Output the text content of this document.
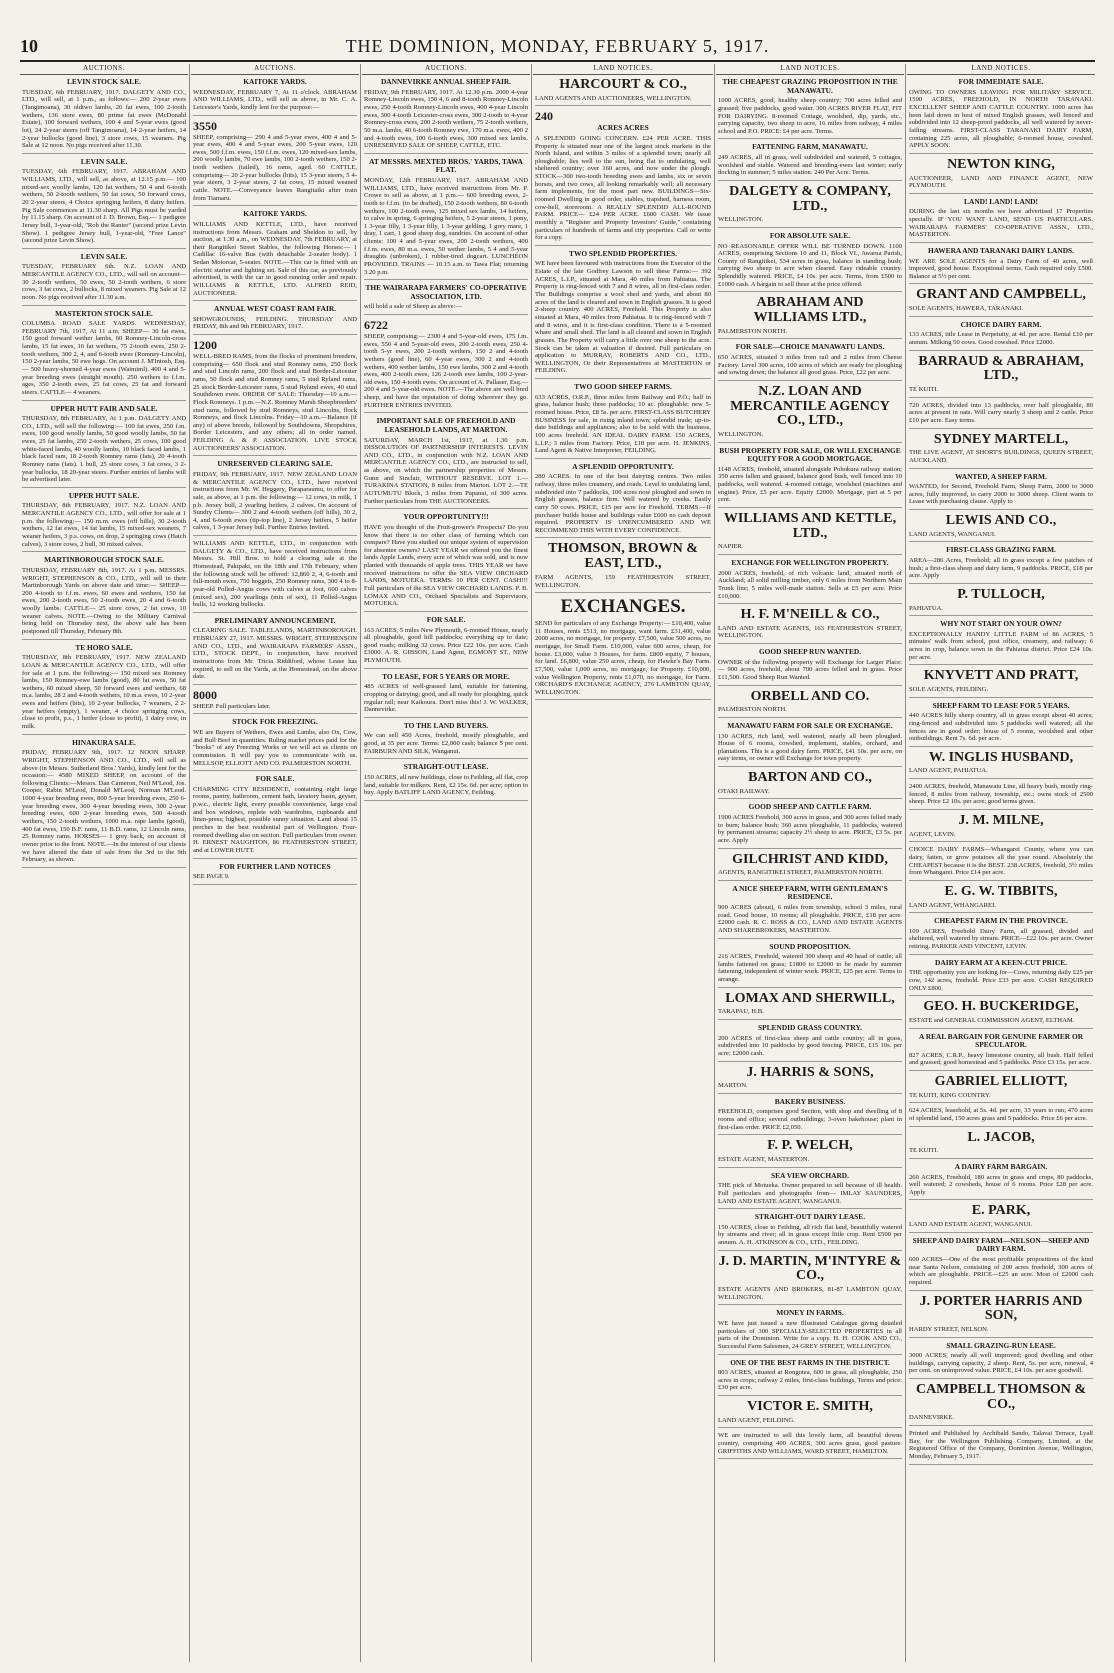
10	THE DOMINION, MONDAY, FEBRUARY 5, 1917.
AUCTIONS.
LEVIN STOCK SALE.

TUESDAY, 6th FEBRUARY, 1917. DALGETY AND CO., LTD., will sell, at 1 p.m., as follows:— 200 2-year ewes (Tangimoana), 30 oldtwo lambs, 26 fat ewes, 100 2-tooth wethers, 136 store ewes, 80 prime fat ewes (McDonald Estate), 100 forward wethers, 100 4 and 5-year ewes (good lot), 24 2-year steers (off Tangimoana), 14 2-year heifers, 14 2-year bullocks (good line), 3 store cows, 15 weaners. Pig Sale at 12 noon. No pigs received after 11.30.

LEVIN SALE.

TUESDAY, 6th FEBRUARY, 1917. ABRAHAM AND WILLIAMS, LTD., will sell, as above, at 12.15 p.m.— 100 mixed-sex woolly lambs, 120 fat wethers, 50 4 and 6-tooth wethers, 50 2-tooth wethers, 50 fat cows, 50 forward cows, 20 2-year steers, 4 Choice springing heifers, 8 dairy heifers. Pig Sale commences at 11.30 sharp. All Pigs must be yarded by 11.15 sharp. On account of J. D. Brown, Esq.— 1 pedigree Jersey bull, 3-year-old, "Rob the Ranter" (second prize Levin Show). 1 pedigree Jersey bull, 1-year-old, "Free Lance" (second prize Levin Show).

LEVIN SALE.

TUESDAY, FEBRUARY 6th. N.Z. LOAN AND MERCANTILE AGENCY CO., LTD., will sell on account— 30 2-tooth wethers, 50 ewes, 50 2-tooth wethers, 6 store cows, 3 fat cows, 2 bullocks, 8 mixed weaners. Pig Sale at 12 noon. No pigs received after 11.30 a.m.

MASTERTON STOCK SALE.

COLUMBA ROAD SALE YARDS. WEDNESDAY, FEBRUARY 7th, 1917, At 11 a.m. SHEEP— 30 fat ewes, 150 good forward wether lambs, 60 Romney-Lincoln-cross lambs, 15 fat ewes, 16 fat wethers, 75 2-tooth ewes, 250 2-tooth wethers, 300 2, 4, and 6-tooth ewes (Romney-Lincoln), 150 2-year lambs, 50 ewe hogs. On account J. M'Intosh, Esq.— 500 heavy-shorned 4-year ewes (Waimiml). 400 4 and 5-year breeding ewes (straight mouth). 250 wethers to f.f.m. ages, 350 2-tooth ewes, 25 fat cows, 25 fat and forward steers. CATTLE— 4 weaners.

UPPER HUTT FAIR AND SALE.

THURSDAY, 8th FEBRUARY, At 1 p.m. DALGETY AND CO., LTD., will sell the following:— 100 fat ewes, 250 f.m. ewes, 100 good woolly lambs, 50 good woolly lambs, 50 fat ewes, 25 fat lambs, 250 2-tooth wethers, 25 cows, 100 good white-faced lambs, 40 woolly lambs, 10 black faced lambs, 1 black faced ram, 18 2-tooth Romney rams (fats), 20 4-tooth Romney rams (fats). 1 bull, 25 store cows, 3 fat cows, 3 2-year bullocks, 18 20-year steers. Further entries of lambs will be advertised later.

UPPER HUTT SALE.

THURSDAY, 8th FEBRUARY, 1917. N.Z. LOAN AND MERCANTILE AGENCY CO., LTD., will offer for sale at 1 p.m. the following:— 150 m.m. ewes (off hills), 30 2-tooth wethers, 12 fat ewes, 14 fat lambs, 15 mixed-sex weaners, 7 weaner heifers, 3 p.s. cows, on drop, 2 springing cows (Hatch calves), 3 store cows, 2 bull, 30 mixed calves.

MARTINBOROUGH STOCK SALE.

THURSDAY, FEBRUARY 8th, 1917. At 1 p.m. MESSRS. WRIGHT, STEPHENSON & CO., LTD., will sell in their Martinborough Yards on above date and time:— SHEEP— 200 4-tooth to f.f.m. ewes, 60 ewes and wethers, 150 fat ewes, 200 2-tooth ewes, 50 2-tooth ewes, 20 4 and 6-tooth woolly lambs. CATTLE— 25 store cows, 2 fat cows, 10 weaner calves. NOTE.—Owing to the Military Carnival being held on Thursday next, the above sale has been postponed till Thursday, February 8th.

TE HORO SALE.

THURSDAY, 8th FEBRUARY, 1917. NEW ZEALAND LOAN & MERCANTILE AGENCY CO., LTD., will offer for sale at 1 p.m. the following:— 150 mixed sex Romney lambs, 150 Romney-ewe lambs (good), 80 fat ewes, 50 fat wethers, 60 mixed sheep, 50 forward ewes and wethers, 68 m.a. lambs, 28 2 and 4-tooth wethers, 10 m.a. ewes, 10 2-year ewes and heifers (bits), 10 2-year bullocks, 7 weaners, 2 2-year heifers (empty), 1 weaner, 4 choice springing cows, close to profit, p.s., 1 heifer (close to profit), 1 dairy cow, in milk.

HINAKURA SALE.

FRIDAY, FEBRUARY 9th, 1917. 12 NOON SHARP. WRIGHT, STEPHENSON AND CO., LTD., will sell as above (in Messrs. Sutherland Bros.' Yards), kindly lent for the occasion:— 4580 MIXED SHEEP, on account of the following Clients:—Messrs. Dan Cameron, Neil M'Leod, Jos. Cooper, Rabin M'Leod, Donald M'Leod, Norman M'Leod. 1000 4-year breeding ewes, 800 5-year breeding ewes, 250 6-year breeding ewes, 300 4-year breeding ewes, 300 2-year breeding ewes, 600 2-year breeding ewes, 500 4-tooth wethers, 150 2-tooth wethers, 1000 m.a. rape lambs (good), 400 fat ewes, 150 B.F. rams, 11 B.D. rams, 12 Lincoln rams, 25 Romney rams. HORSES— 1 grey back, on account of owner prior to the front. NOTE.—In the interest of our clients we have altered the date of sale from the 3rd to the 9th February, as shown.

AUCTIONS.
KAITOKE YARDS.

WEDNESDAY, FEBRUARY 7, At 11 o'clock. ABRAHAM AND WILLIAMS, LTD., will sell as above, in Mr. C. A. Leicester's Yards, kindly lent for the purpose:—

3550

SHEEP, comprising— 290 4 and 5-year ewes, 400 4 and 5-year ewes, 400 4 and 5-year ewes, 200 5-year ewes, 120 ewes, 500 f.f.m. ewes, 150 f.f.m. ewes, 120 mixed-sex lambs, 200 woolly lambs, 70 ewe lambs, 100 2-tooth wethers, 150 2-tooth wethers (tailed), 16 rams, aged. 60 CATTLE, comprising— 20 2-year bullocks (bits), 15 3-year steers, 5 4-year steers, 3 2-year steers, 2 fat cows, 15 mixed weaned cattle. NOTE.—Conveyance leaves Rangitaiki after train from Tiamaru.

KAITOKE YARDS.

WILLIAMS AND KETTLE, LTD., have received instructions from Messrs. Graham and Sheldon to sell, by auction, at 1.30 a.m., on WEDNESDAY, 7th FEBRUARY, at their Rangitikei Street Stables, the following Horses:— 1 Cadillac 16-valve Bus (with detachable 2-seater body). 1 Sedan Motorcar, 5-seater. NOTE.—This car is fitted with an electric starter and lighting set. Sale of this car, as previously advertised, is with the car in good running order and repair. WILLIAMS & KETTLE, LTD. ALFRED REID, AUCTIONEER.

ANNUAL WEST COAST RAM FAIR.

SHOWGROUNDS, FEILDING. THURSDAY AND FRIDAY, 8th and 9th FEBRUARY, 1917.

1200

WELL-BRED RAMS, from the flocks of prominent breeders, comprising— 650 flock and stud Romney rams, 250 flock and stud Lincoln rams, 200 flock and stud Border-Leicester rams, 50 flock and stud Romney rams, 5 stud Ryland rams, 25 stock Border-Leicester rams, 5 stud Ryland ewes, 40 stud Southdown ewes. ORDER OF SALE: Thursday—10 a.m.—Flock Romneys. 1 p.m.—N.Z. Romney Marsh Sheepbreeders' stud rams, followed by stud Romneys, stud Lincolns, flock Romneys, and flock Lincolns. Friday—10 a.m.—Balance (if any) of above breeds, followed by Southdowns, Shropshires, Border Leicesters, and any others; all in order named. FEILDING A. & P. ASSOCIATION. LIVE STOCK AUCTIONEERS' ASSOCIATION.

UNRESERVED CLEARING SALE.

FRIDAY, 9th FEBRUARY, 1917. NEW ZEALAND LOAN & MERCANTILE AGENCY CO., LTD., have received instructions from Mr. W. Heggery, Paraparaumu, to offer for sale, as above, at 1 p.m. the following:— 12 cows, in milk, 1 p.b. Jersey bull, 2 yearling heifers, 2 calves. On account of Sundry Clients— 300 2 and 4-tooth wethers (off hills), 30 2, 4, and 6-tooth ewes (tip-top line), 2 Jersey heifers, 5 heifer calves, 1 3-year Jersey bull. Further Entries Invited.

WILLIAMS AND KETTLE, LTD., in conjunction with DALGETY & CO., LTD., have received instructions from Messrs. St. Hill Bros. to hold a clearing sale at the Homestead, Pakipaki, on the 18th and 17th February, when the following stock will be offered: 12,860 2, 4, 6-tooth and full-mouth ewes, 750 hoggets, 250 Romney rams, 300 4 to 8-year-old Polled-Angus cows with calves at foot, 600 calves (mixed sex), 200 yearlings (mix of sex), 11 Polled-Angus bulls, 12 working bullocks.

PRELIMINARY ANNOUNCEMENT.

CLEARING SALE. TABLELANDS, MARTINBOROUGH. FEBRUARY 27, 1917. MESSRS. WRIGHT, STEPHENSON AND CO., LTD., and WAIRARAPA FARMERS' ASSN., LTD., STOCK DEPT., in conjunction, have received instructions from Mr. Tricia Riddiford, whose Lease has expired, to sell on the Yards, at the Homestead, on the above date.

8000

SHEEP. Full particulars later.

STOCK FOR FREEZING.

WE are Buyers of Wethers, Ewes and Lambs, also Ox, Cow, and Bull Beef in quantities. Ruling market prices paid for the "books" of any Freezing Works or we will act as clients on commission. It will pay you to communicate with us. MELLSOP, ELLIOTT AND CO. PALMERSTON NORTH.

FOR SALE.

CHARMING CITY RESIDENCE, containing eight large rooms, pantry, bathroom, cement bath, lavatory basin, geyser, p.w.c., electric light, every possible convenience, large coal and box windows, replete with wardrobes, cupboards and linen-press; highest, possible sunny situation. Land about 15 perches in the best residential part of Wellington. Four-roomed dwelling also on section. Full particulars from owner. H. ERNEST NAUGHTON, 86 FEATHERSTON STREET, and at LOWER HUTT.

FOR FURTHER LAND NOTICES

SEE PAGE 9.

AUCTIONS.
DANNEVIRKE ANNUAL SHEEP FAIR.

FRIDAY, 9th FEBRUARY, 1917. At 12.30 p.m. 2000 4-year Romney-Lincoln ewes, 150 4, 6 and 8-tooth Romney-Lincoln ewes, 250 4-tooth Romney-Lincoln ewes, 400 4-year Lincoln ewes, 300 4-tooth Leicester-cross ewes, 300 2-tooth to 4-year Romney-cross ewes, 200 2-tooth wethers, 75 2-tooth wethers, 50 m.a. lambs, 40 6-tooth Romney ewe, 170 m.a. ewes, 400 2 and 4-tooth ewes, 100 6-tooth ewes, 300 mixed sex lambs. UNRESERVED SALE OF SHEEP, CATTLE, ETC.

AT MESSRS. MEXTED BROS.' YARDS, TAWA FLAT.

MONDAY, 12th FEBRUARY, 1917. ABRAHAM AND WILLIAMS, LTD., have received instructions from Mr. P. Crowe to sell as above, at 1 p.m.— 600 breeding ewes, 2-tooth to f.f.m. (to be drafted), 150 2-tooth wethers, 80 6-tooth wethers, 100 2-tooth ewes, 125 mixed sex lambs, 14 heifers, to calve in spring, 6 springing heifers, 5 2-year steers, 1 pony, 1 3-year filly, 1 3-year filly, 1 3-year gelding, 1 grey mare, 1 dray, 1 cart, 1 good sheep dog, sundries. On account of other clients: 100 4 and 5-year ewes, 200 2-tooth wethers, 400 f.f.m. ewes, 80 m.a. ewes, 50 wether lambs, 5 4 and 5-year draughts (unbroken), 1 rubber-tired dogcart. LUNCHEON PROVIDED. TRAINS — 10.15 a.m. to Tawa Flat; returning 3.20 p.m.

THE WAIRARAPA FARMERS' CO-OPERATIVE ASSOCIATION, LTD.

will hold a sale of Sheep as above:—

6722

SHEEP, comprising:— 2300 4 and 5-year-old ewes, 175 f.m. ewes, 550 4 and 5-year-old ewes, 200 2-tooth ewes, 250 4-tooth 5-yr ewes, 200 2-tooth wethers, 150 2 and 4-tooth wethers (good line), 60 4-year ewes, 300 2 and 4-tooth wethers, 400 wether lambs, 150 ewe lambs, 300 2 and 4-tooth ewes, 400 2-tooth ewes, 126 2-tooth ewe lambs, 100 2-year-old ewes, 150 4-tooth ewes. On account of A. Pallaser, Esq.— 200 4 and 5-year-old ewes. NOTE.—The above are well bred sheep, and have the reputation of doing wherever they go. FURTHER ENTRIES INVITED.

IMPORTANT SALE OF FREEHOLD AND LEASEHOLD LANDS, AT MARTON.

SATURDAY, MARCH 1st, 1917, at 1.30 p.m. DISSOLUTION OF PARTNERSHIP INTERESTS. LEVIN AND CO., LTD., in conjunction with N.Z. LOAN AND MERCANTILE AGENCY CO., LTD., are instructed to sell, as above, on which the partnership properties of Messrs. Gunn and Sinclair, WITHOUT RESERVE. LOT 1.—TURAKINA STATION, 8 miles from Marton. LOT 2.—TE AUTUMUTU Block, 3 miles from Papanui, of 300 acres. Further particulars from THE AUCTIONEERS.

YOUR OPPORTUNITY!!!

HAVE you thought of the Fruit-grower's Prospects? Do you know that there is no other class of farming which can compare? Have you studied our unique system of supervision for absentee owners? LAST YEAR we offered you the finest lands Apple Lands, every acre of which was sold, and is now planted with thousands of apple trees. THIS YEAR we have received instructions to offer the SEA VIEW ORCHARD LANDS, MOTUEKA. TERMS: 10 PER CENT. CASH!!! Full particulars of the SEA VIEW ORCHARD LANDS. P. B. LOMAX AND CO., Orchard Specialists and Supervisors, MOTUEKA.

FOR SALE.

163 ACRES, 5 miles New Plymouth, 6-roomed House, nearly all ploughable, good hill paddocks; everything up to date; good roads; milking 32 cows. Price £22 10s. per acre. Cash £3000. A. R. GIBSON, Land Agent, EGMONT ST., NEW PLYMOUTH.

TO LEASE, FOR 5 YEARS OR MORE.

485 ACRES of well-grassed land, suitable for fattening, cropping or dairying; good, and all ready for ploughing, quick regular rail; near Kaikoura. Don't miss this! J. W. WALKER, Dannevirke.

TO THE LAND BUYERS.

We can sell 450 Acres, freehold, mostly ploughable, and good, at 35 per acre. Terms: £2,000 cash; balance 5 per cent. FAIRBURN AND SILK, Wanganui.

STRAIGHT-OUT LEASE.

150 ACRES, all new buildings, close to Feilding, all flat, crop land, suitable for milkers. Rent, £2 15s. 6d. per acre; option to buy. Apply BATLIFF LAND AGENCY, Feilding.

LAND NOTICES.
HARCOURT & CO.,

LAND AGENTS AND AUCTIONEERS, WELLINGTON.

240
ACRES ACRES

A SPLENDID GOING CONCERN. £24 PER ACRE. THIS Property is situated near one of the largest stock markets in the North Island, and within 3 miles of a splendid town; nearly all ploughable; lies well to the sun, being flat to undulating, well sheltered country; over 160 acres, and now under the plough. STOCK—300 two-tooth breeding ewes and lambs, six or seven horses, and two cows, all looking remarkably well; all necessary farm implements, for the most part new. BUILDINGS—Six-roomed Dwelling in good order, stables, trapshed, harness room, cow-hell, storeroom. A REALLY SPLENDID ALL-ROUND FARM. PRICE— £24 PER ACRE. £600 CASH. We issue monthly a "Register and Property Investors' Guide," containing particulars of hundreds of farms and city properties. Call or write for a copy.

TWO SPLENDID PROPERTIES.

WE have been favoured with instructions from the Executor of the Estate of the late Godfrey Lawson to sell these Farms:— 392 ACRES, L.I.P., situated at Mara, 40 miles from Pahiatua. The Property is ring-fenced with 7 and 8 wires, all in first-class order. The Buildings comprise a wool shed and yards, and about 80 acres of the land is cleared and sown in English grasses. It is good 2-sheep country. 400 ACRES, Freehold. This Property is also situated at Mara, 40 miles from Pahiatua. It is ring-fenced with 7 and 8 wires, and it is first-class condition. There is a 5-roomed whare and small shed. The land is all cleared and sown in English grasses. The Property will carry a little over one sheep to the acre. Stock can be taken at valuation if desired. Full particulars on application to MURRAY, ROBERTS AND CO., LTD., WELLINGTON, Or their Representatives at MASTERTON or FEILDING.

TWO GOOD SHEEP FARMS.

633 ACRES, O.R.P., three miles from Railway and P.O.; half in grass, balance bush; three paddocks; 10 ac. ploughable; new 5-roomed house. Price, £8 5s. per acre. FIRST-CLASS BUTCHERY BUSINESS for sale, in rising inland town; splendid trade; up-to-date buildings and appliances; also to be sold with the business, 100 acres freehold. AN IDEAL DAIRY FARM. 150 ACRES, L.I.P.; 3 miles from Factory. Price, £18 per acre. H. JENKINS, Land Agent & Native Interpreter, FEILDING.

A SPLENDID OPPORTUNITY.

280 ACRES. In one of the best dairying centres. Two miles railway, three miles creamery, and roads. Level to undulating land, subdivided into 7 paddocks, 100 acres now ploughed and sown in English grasses, balance firm. Well watered by creeks. Easily carry 50 cows. PRICE, £15 per acre for Freehold. TERMS.—If purchaser builds house and buildings value £600 no cash deposit required. PROPERTY IS UNENCUMBERED AND WE RECOMMEND THIS WITH EVERY CONFIDENCE.

THOMSON, BROWN & EAST, LTD.,

FARM AGENTS, 159 FEATHERSTON STREET, WELLINGTON.

EXCHANGES.

SEND for particulars of any Exchange Property:— £10,400, value 11 Houses, rents £513, no mortgage, want farm. £31,400, value 2000 acres, no mortgage, for property. £7,500, value 500 acres, no mortgage, for Small Farm. £10,000, value 600 acres, cheap, for house. £3,000, value 3 Houses, for farm. £800 equity, 7 houses, for land. £6,800, value 250 acres, cheap, for Hawke's Bay Farm. £7,500, value 1,000 acres, no mortgage, for Property. £10,000, value Wellington Property, rents £1,070, no mortgage, for Farm. ORCHARD'S EXCHANGE AGENCY, 276 LAMBTON QUAY, WELLINGTON.

LAND NOTICES.
THE CHEAPEST GRAZING PROPOSITION IN THE MANAWATU.

1000 ACRES, good, healthy sheep country; 700 acres felled and grassed; five paddocks, good water. 300 ACRES RIVER FLAT, FIT FOR DAIRYING. 8-roomed Cottage, woolshed, dip, yards, etc., carrying capacity, two sheep to acre, 16 miles from railway, 4 miles school and P.O. PRICE: £4 per acre. Terms.

FATTENING FARM, MANAWATU.

249 ACRES, all in grass, well subdivided and watered, 5 cottages, woolshed and stable. Watered and breeding-ewes last winter; early docking in summer; 5 miles station. 240 Per Acre. Terms.

DALGETY & COMPANY, LTD.,

WELLINGTON.

FOR ABSOLUTE SALE.

NO REASONABLE OFFER WILL BE TURNED DOWN. 1100 ACRES, comprising Sections 10 and 11, Block VI., Awarua Parish, County of Rangitikei, 534 acres in grass, balance in standing bush; carrying two sheep to acre when cleared. Easy rideable country. Splendidly watered. PRICE, £4 10s. per acre. Terms, from £500 to £1000 cash. A bargain to sell these at the price offered.

ABRAHAM AND WILLIAMS LTD.,

PALMERSTON NORTH.

FOR SALE—CHOICE MANAWATU LANDS.

650 ACRES, situated 3 miles from rail and 2 miles from Cheese Factory. Level 300 acres, 100 acres of which are ready for ploughing and sowing down; the balance all good grass. Price, £22 per acre.

N.Z. LOAN AND MERCANTILE AGENCY CO., LTD.,

WELLINGTON.

BUSH PROPERTY FOR SALE, OR WILL EXCHANGE EQUITY FOR A GOOD MORTGAGE.

1148 ACRES, freehold, situated alongside Pohokura railway station; 350 acres fallen and grassed, balance good bush, well fenced into 10 paddocks, well watered. 4-roomed cottage, woolshed (machines and engine). Price, £5 per acre. Equity £2000. Mortgage, part at 5 per cent.

WILLIAMS AND KETTLE, LTD.,

NAPIER.

EXCHANGE FOR WELLINGTON PROPERTY.

2000 ACRES, freehold, of rich volcanic land, situated north of Auckland; all solid milling timber, only 6 miles from Northern Main Trunk line; 5 miles well-made station. Sells at £5 per acre. Price £10,000.

H. F. M'NEILL & CO.,

LAND AND ESTATE AGENTS, 163 FEATHERSTON STREET, WELLINGTON.

GOOD SHEEP RUN WANTED.

OWNER of the following property will Exchange for Larger Place:— 900 acres, freehold, about 700 acres felled and in grass. Price £11,500. Good Sheep Run Wanted.

ORBELL AND CO.

PALMERSTON NORTH.

MANAWATU FARM FOR SALE OR EXCHANGE.

130 ACRES, rich land, well watered, nearly all been ploughed. House of 6 rooms, cowshed, implement, stables, orchard, and plantations. This is a good dairy farm. PRICE, £41 10s. per acre, on easy terms, or owner will Exchange for town property.

BARTON AND CO.,

OTAKI RAILWAY.

GOOD SHEEP AND CATTLE FARM.

1900 ACRES Freehold, 300 acres in grass, and 300 acres felled ready to burn; balance bush; 360 acres ploughable, 11 paddocks, watered by permanent streams; capacity 2½ sheep to acre. PRICE, £3 5s. per acre. Apply

GILCHRIST AND KIDD,

AGENTS, RANGITIKEI STREET, PALMERSTON NORTH.

A NICE SHEEP FARM, WITH GENTLEMAN'S RESIDENCE.

900 ACRES (about), 6 miles from township, school 3 miles, rural road. Good house, 10 rooms; all ploughable. PRICE, £18 per acre. £2000 cash. R. C. ROSS & CO., LAND AND ESTATE AGENTS AND SHAREBROKERS, MASTERTON.

SOUND PROPOSITION.

216 ACRES, Freehold, watered 300 sheep and 40 head of cattle; all lambs fattened on grass; £1800 to £2000 to be made by summer fattening, independent of winter work. PRICE, £25 per acre. Terms to arrange.

LOMAX AND SHERWILL,

TARAPAU, H.B.

SPLENDID GRASS COUNTRY.

200 ACRES of first-class sheep and cattle country; all in grass, subdivided into 10 paddocks by good fencing. PRICE, £15 10s. per acre; £2000 cash.

J. HARRIS & SONS,

MARTON.

BAKERY BUSINESS.

FREEHOLD, comprises good Section, with shop and dwelling of 8 rooms and office; several outbuildings; 3-oven bakehouse; plant in first-class order. PRICE £2,050.

F. P. WELCH,

ESTATE AGENT, MASTERTON.

SEA VIEW ORCHARD.

THE pick of Motueka. Owner prepared to sell because of ill health. Full particulars and photographs from— IMLAY SAUNDERS, LAND AND ESTATE AGENT, WANGANUI.

STRAIGHT-OUT DAIRY LEASE.

150 ACRES, close to Feilding, all rich flat land, beautifully watered by streams and river; all in grass except little crop. Rent £500 per annum. A. H. ATKINSON & CO., LTD., FEILDING.

J. D. MARTIN, M'INTYRE & CO.,

ESTATE AGENTS AND BROKERS, 81-87 LAMBTON QUAY, WELLINGTON.

MONEY IN FARMS.

WE have just issued a new Illustrated Catalogue giving detailed particulars of 300 SPECIALLY-SELECTED PROPERTIES in all parts of the Dominion. Write for a copy. H. H. COOK AND CO., Successful Farm Salesmen, 24 GREY STREET, WELLINGTON.

ONE OF THE BEST FARMS IN THE DISTRICT.

803 ACRES, situated at Rongotea, 600 in grass, all ploughable, 250 acres in crops; railway 2 miles, first-class buildings. Terms and price: £30 per acre.

VICTOR E. SMITH,

LAND AGENT, FEILDING.

WE are instructed to sell this lovely farm, all beautiful downs country, comprising 400 ACRES, 300 acres grass, good pasture. GRIFFITHS AND WILLIAMS, WARD STREET, HAMILTON.

LAND NOTICES.
FOR IMMEDIATE SALE.

OWING TO OWNERS LEAVING FOR MILITARY SERVICE. 1590 ACRES, FREEHOLD, IN NORTH TARANAKI. EXCELLENT SHEEP AND CATTLE COUNTRY. 1000 acres has been laid down in best of mixed English grasses, well fenced and subdivided into 12 sheep-proof paddocks, all well watered by never-failing streams. FIRST-CLASS TARANAKI DAIRY FARM, containing 225 acres, all ploughable; 6-roomed house, cowshed. APPLY SOON.

NEWTON KING,

AUCTIONEER, LAND AND FINANCE AGENT, NEW PLYMOUTH.

LAND! LAND! LAND!

DURING the last six months we have advertised 17 Properties specially. IF YOU WANT LAND, SEND US PARTICULARS. WAIRARAPA FARMERS' CO-OPERATIVE ASSN., LTD., MASTERTON.

HAWERA AND TARANAKI DAIRY LANDS.

WE ARE SOLE AGENTS for a Dairy Farm of 40 acres, well improved, good house. Exceptional terms. Cash required only £500. Balance at 5½ per cent.

GRANT AND CAMPBELL,

SOLE AGENTS, HAWERA, TARANAKI.

CHOICE DAIRY FARM.

133 ACRES, title Lease in Perpetuity, at 4d. per acre. Rental £10 per annum. Milking 50 cows. Good cowshed. Price £2000.

BARRAUD & ABRAHAM, LTD.,

TE KUITI.

720 ACRES, divided into 13 paddocks, over half ploughable, 80 acres at present in oats. Will carry nearly 3 sheep and 2 cattle. Price £10 per acre. Easy terms.

SYDNEY MARTELL,

THE LIVE AGENT, AT SHORT'S BUILDINGS, QUEEN STREET, AUCKLAND.

WANTED, A SHEEP FARM.

WANTED, for Second, Freehold Farm, Sheep Farm, 2000 to 3000 acres, fully improved, to carry 2000 to 3000 sheep. Client wants to Lease with purchasing clause. Apply to

LEWIS AND CO.,

LAND AGENTS, WANGANUI.

FIRST-CLASS GRAZING FARM.

AREA—286 Acres, Freehold; all in grass except a few patches of bush; a first-class sheep and dairy farm, 9 paddocks. PRICE, £18 per acre. Apply

P. TULLOCH,

PAHIATUA.

WHY NOT START ON YOUR OWN?

EXCEPTIONALLY HANDY LITTLE FARM of 86 ACRES, 5 minutes' walk from school, post office, creamery, and railway; 6 acres in crop, balance sown in the Pahiatua district. Price £24 10s. per acre.

KNYVETT AND PRATT,

SOLE AGENTS, FEILDING.

SHEEP FARM TO LEASE FOR 5 YEARS.

440 ACRES hilly sheep country, all in grass except about 40 acres; ring-fenced and subdivided into 5 paddocks well watered; all the fences are in good order; house of 5 rooms, woolshed and other outbuildings. Rent 7s. 6d. per acre.

W. INGLIS HUSBAND,

LAND AGENT, PAHIATUA.

2400 ACRES, freehold, Manawatu Line, all heavy bush, mostly ring-fenced, 8 miles from railway, township, etc.; owns stock of 2500 sheep. Price £2 10s. per acre; good terms given.

J. M. MILNE,

AGENT, LEVIN.

CHOICE DAIRY FARMS—Whangarei County, where you can dairy, fatten, or grow potatoes all the year round. Absolutely the CHEAPEST because it is the BEST. 238 ACRES, freehold, 3½ miles from Whangarei. Price £14 per acre.

E. G. W. TIBBITS,

LAND AGENT, WHANGAREI.

CHEAPEST FARM IN THE PROVINCE.

109 ACRES, Freehold Dairy Farm, all grassed, divided and sheltered, well watered by stream. PRICE—£22 10s. per acre. Owner retiring. PARKER AND VINCENT, LEVIN.

DAIRY FARM AT A KEEN-CUT PRICE.

THE opportunity you are looking for—Cows, returning daily £25 per cow, 142 acres, freehold. Price £33 per acre. CASH REQUIRED ONLY £800.

GEO. H. BUCKERIDGE,

ESTATE and GENERAL COMMISSION AGENT, ELTHAM.

A REAL BARGAIN FOR GENUINE FARMER OR SPECULATOR.

827 ACRES, C.R.P., heavy limestone country, all bush. Half felled and grassed; good homestead and 5 paddocks. Price £3 15s. per acre.

GABRIEL ELLIOTT,

TE KUITI, KING COUNTRY.

624 ACRES, leasehold, at 5s. 4d. per acre, 33 years to run; 470 acres of splendid land, 150 acres grass and 5 paddocks. Price £6 per acre.

L. JACOB,

TE KUITI.

A DAIRY FARM BARGAIN.

260 ACRES, Freehold, 180 acres in grass and crops, 80 paddocks, well watered; 2 cowsheds, house of 6 rooms. Price £28 per acre. Apply

E. PARK,

LAND AND ESTATE AGENT, WANGANUI.

SHEEP AND DAIRY FARM—NELSON—SHEEP AND DAIRY FARM.

600 ACRES—One of the most profitable propositions of the kind near Santa Nelson, consisting of 200 acres freehold, 300 acres of which are ploughable. PRICE—£25 an acre. Most of £2000 cash required.

J. PORTER HARRIS AND SON,

HARDY STREET, NELSON.

SMALL GRAZING-RUN LEASE.

3000 ACRES, nearly all well improved; good dwelling and other buildings, carrying capacity, 2 sheep. Rent, 5s. per acre, renewal, 4 per cent. on unimproved value. PRICE, £4 10s. per acre goodwill.

CAMPBELL THOMSON & CO.,

DANNEVIRKE.

Printed and Published by Archibald Sando, Talavai Terrace, Lyall Bay, for the Wellington Publishing Company, Limited, at the Registered Office of the Company, Dominion Avenue, Wellington, Monday, February 5, 1917.
